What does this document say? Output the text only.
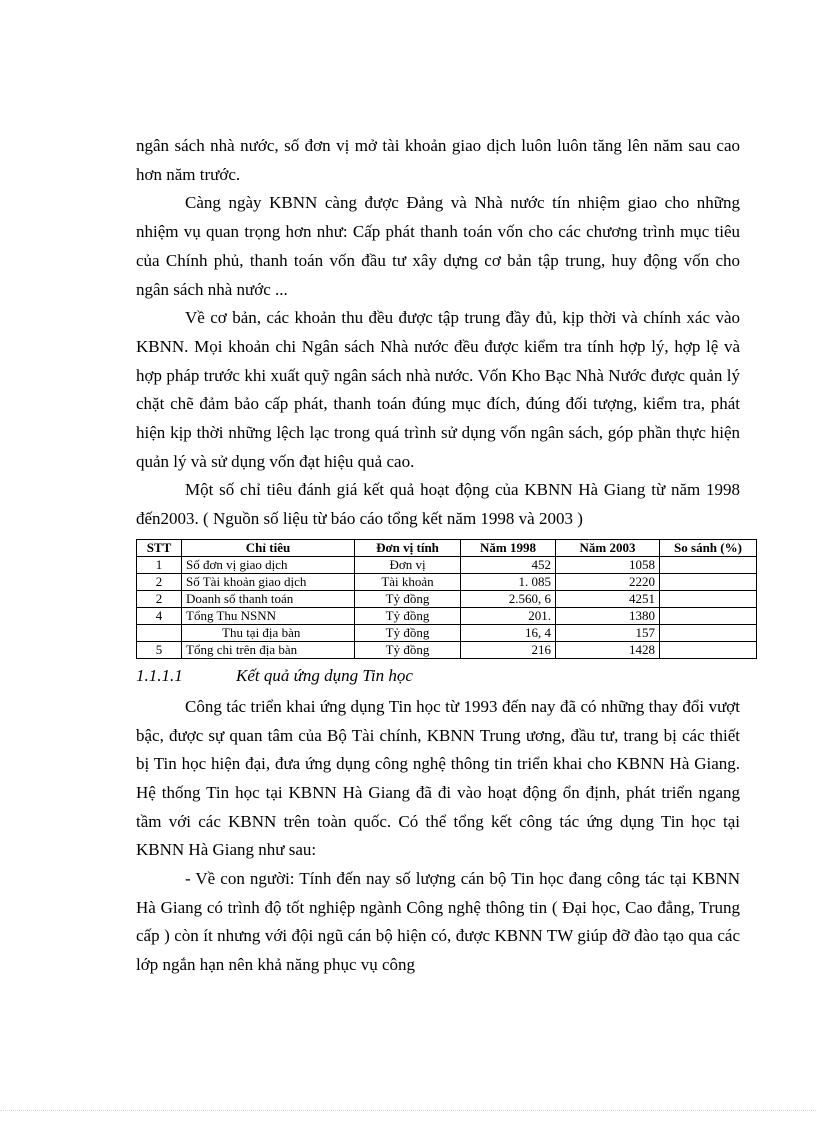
ngân sách nhà nước, số đơn vị mở tài khoản giao dịch luôn luôn tăng lên năm sau cao hơn năm trước.

Càng ngày KBNN càng được Đảng và Nhà nước tín nhiệm giao cho những nhiệm vụ quan trọng hơn như: Cấp phát thanh toán vốn cho các chương trình mục tiêu của Chính phủ, thanh toán vốn đầu tư xây dựng cơ bản tập trung, huy động vốn cho ngân sách nhà nước ...

Về cơ bản, các khoản thu đều được tập trung đầy đủ, kịp thời và chính xác vào KBNN. Mọi khoản chi Ngân sách Nhà nước đều được kiểm tra tính hợp lý, hợp lệ và hợp pháp trước khi xuất quỹ ngân sách nhà nước. Vốn Kho Bạc Nhà Nước được quản lý chặt chẽ đảm bảo cấp phát, thanh toán đúng mục đích, đúng đối tượng, kiểm tra, phát hiện kịp thời những lệch lạc trong quá trình sử dụng vốn ngân sách, góp phần thực hiện quản lý và sử dụng vốn đạt hiệu quả cao.

Một số chỉ tiêu đánh giá kết quả hoạt động của KBNN Hà Giang từ năm 1998 đến2003. ( Nguồn số liệu từ báo cáo tổng kết năm 1998 và 2003 )

STT	Chỉ tiêu	Đơn vị tính	Năm 1998	Năm 2003	So sánh (%)
1	Số đơn vị giao dịch	Đơn vị	452	1058	
2	Số Tài khoản giao dịch	Tài khoản	1. 085	2220	
2	Doanh số thanh toán	Tỷ đồng	2.560, 6	4251	
4	Tổng Thu NSNN	Tỷ đồng	201.	1380	
	Thu tại địa bàn	Tỷ đồng	16, 4	157	
5	Tổng chi trên địa bàn	Tỷ đồng	216	1428	
1.1.1.1	Kết quả ứng dụng Tin học

Công tác triển khai ứng dụng Tin học từ 1993 đến nay đã có những thay đổi vượt bậc, được sự quan tâm của Bộ Tài chính, KBNN Trung ương, đầu tư, trang bị các thiết bị Tin học hiện đại, đưa ứng dụng công nghệ thông tin triển khai cho KBNN Hà Giang. Hệ thống Tin học tại KBNN Hà Giang đã đi vào hoạt động ổn định, phát triển ngang tầm với các KBNN trên toàn quốc. Có thể tổng kết công tác ứng dụng Tin học tại KBNN Hà Giang như sau:

- Về con người: Tính đến nay số lượng cán bộ Tin học đang công tác tại KBNN Hà Giang có trình độ tốt nghiệp ngành Công nghệ thông tin ( Đại học, Cao đẳng, Trung cấp ) còn ít nhưng với đội ngũ cán bộ hiện có, được KBNN TW giúp đỡ đào tạo qua các lớp ngắn hạn nên khả năng phục vụ công
